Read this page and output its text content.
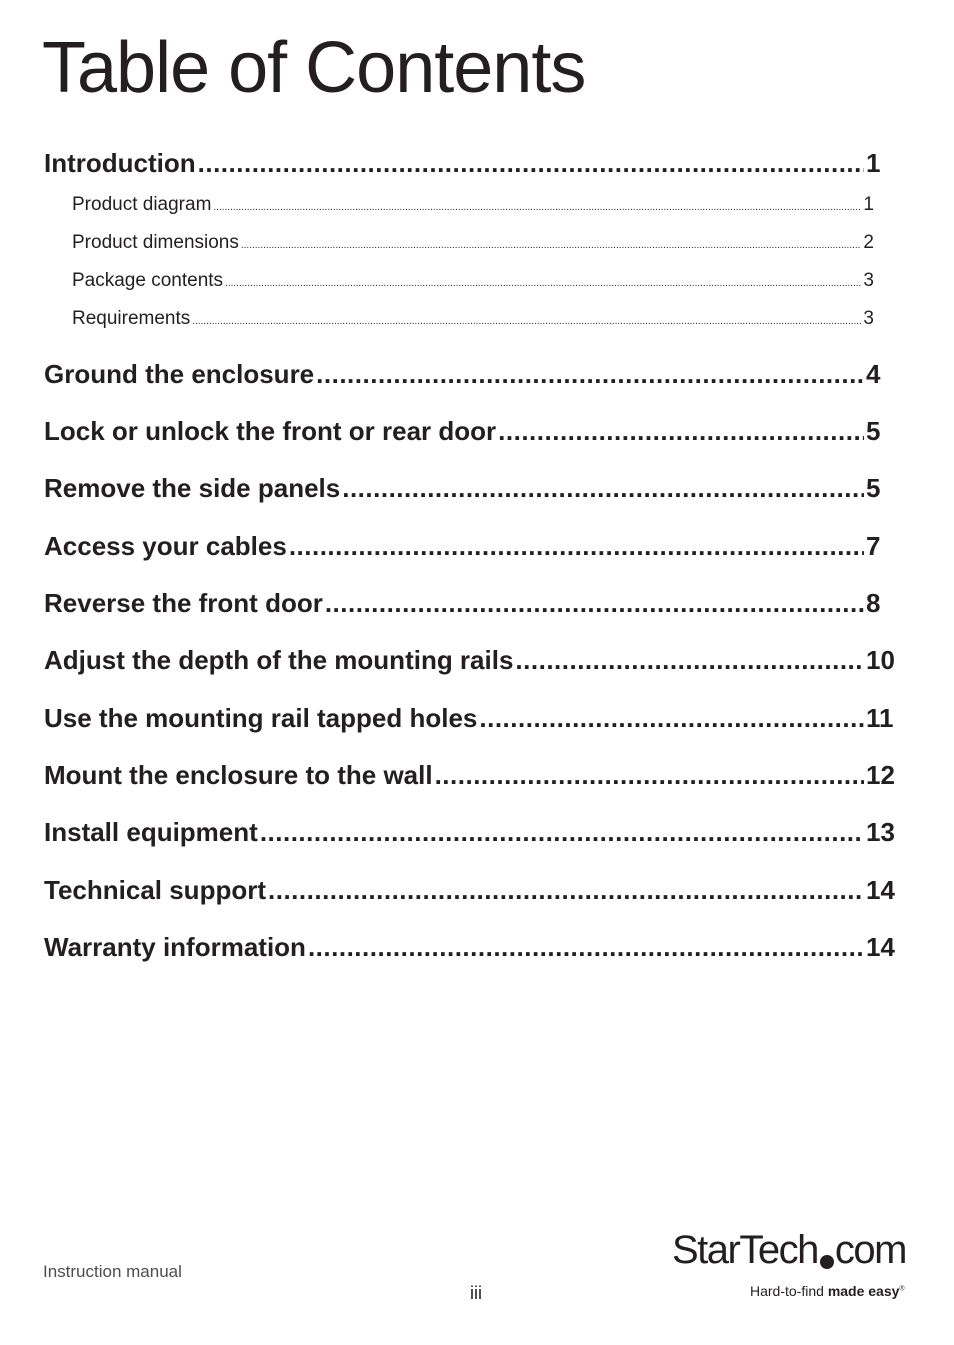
Table of Contents
Introduction .....	1
Product diagram .....	1
Product dimensions .....	2
Package contents .....	3
Requirements .....	3
Ground the enclosure .....	4
Lock or unlock the front or rear door .....	5
Remove the side panels .....	5
Access your cables .....	7
Reverse the front door .....	8
Adjust the depth of the mounting rails .....	10
Use the mounting rail tapped holes .....	11
Mount the enclosure to the wall .....	12
Install equipment .....	13
Technical support .....	14
Warranty information .....	14
Instruction manual
iii
StarTech com
Hard-to-find made easy®
